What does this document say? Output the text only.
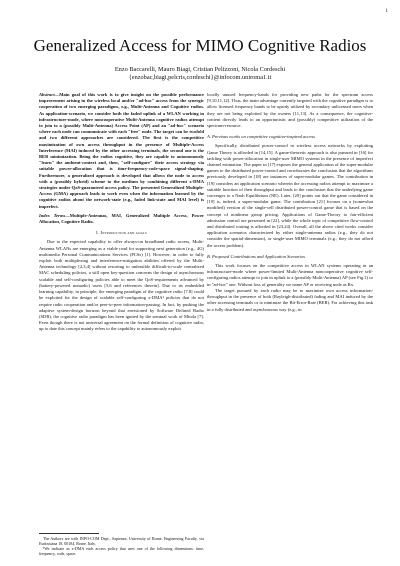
1
Generalized Access for MIMO Cognitive Radios
Enzo Baccarelli, Mauro Biagi, Cristian Pelizzoni, Nicola Cordeschi
{enzobac,biagi,pelcris,cordeschi}@infocom.uniroma1.it

Abstract—Main goal of this work is to give insight on the possible performance improvement arising in the wireless local and/or "ad-hoc" access from the synergic cooperation of two emerging paradigms, e.g., Multi-Antenna and Cognitive radios. As application-scenario, we consider both the faded uplink of a WLAN working in infrastructure-mode, where noncooperative Multi-Antenna cognitive radios attempt to join to a (possibly Multi-Antenna) Access Point (AP) and an "ad-hoc" scenario where each node can communicate with each "free" node. The target can be twofold and two different approaches are considered. The first is the competitive maximization of own access throughput in the presence of Multiple-Access Interference (MAI) induced by the other accessing terminals, the second one is the BER minimization. Being the radios cognitive, they are capable to autonomously "learn" the ambient-context and, then, "self-configure" their access strategy via suitable power-allocation that is time-frequency-code-space signal-shaping. Furthermore, a generalized approach is developed that allows the node to access with a (possibly hybrid) scheme to the medium by combining different x-DMA strategies under QoS-guaranteed access policy. The presented Generalized Multiple-Access (GMA) approach leads to work even when the information learned by the cognitive radios about the network-state (e.g., faded link-state and MAI level) is imperfect.

Index Terms—Multiple-Antennas, MAI, Generalized Multiple Access, Power Allocation, Cognitive Radio.

I. Introduction and goals

Due to the expected capability to offer always-on broadband radio access, Multi-Antenna WLANs are emerging as a viable road for supporting next generation (e.g., 4G) multimedia Personal Communications Services (PCSs) [1]. However, in order to fully exploit both multiplexing and interference-mitigation abilities offered by the Multi-Antenna technology [2,3,4] without resorting to unfeasible difficult-to-scale centralized MAC scheduling policies, a still open key-question concerns the design of asynchronous scalable and self-configuring policies able to meet the QoS-requirements advanced by (battery-powered nomadic) users [5,6 and references therein]. Due to its embedded learning capability, in principle, the emerging paradigm of the cognitive radio [7,8] could be exploited for the design of scalable self-configuring x-DMA¹ policies that do not require radio cooperation and/or peer-to-peer information-passing. In fact, by pushing the adaptive system-design horizon beyond that envisioned by Software Defined Radio (SDR), the cognitive radio paradigm has been ignited by the seminal work of Mitola [7]. Even though there is not universal agreement on the formal definition of cognitive radio, up to date this concept mainly refers to the capability to autonomously exploit

locally unused frequency-bands for providing new paths for the spectrum access [9,10,11,12]. Thus, the main advantage currently targeted with the cognitive paradigm is to allow licensed frequency bands to be upsidy utilized by secondary unlicensed users when they are not being exploited by the owners [11,13]. As a consequence, the cognitive-content directly leads to an opportunistic and (possibly) competitive utilization of the spectrum-resource.

A. Previous works on competitive cognitive-inspired access

Specifically, distributed power-control in wireless access networks by exploiting Game Theory is afforded in [14,15]. A game-theoretic approach is also pursued in [16] for tackling with power-allocation in single-user MIMO systems in the presence of imperfect channel estimation. The paper in [17] exposes the general application of the super-modular games to the distributed power-control and corroborates the conclusion that the algorithms previously developed in [18] are instances of super-modular games. The contribution in [19] considers an application scenario wherein the accessing radios attempt to maximize a suitable function of their throughput and leads to the conclusion that the underlying game converges to a Nash Equilibrium (NE). Later, [20] points out that the game considered in [19] is, indeed, a super-modular game. The contribution [21] focuses on a (somewhat modified) version of the single-cell distributed power-control game that is based on the concept of nonlinear group pricing. Applications of Game-Theory to fair-efficient admission control are presented in [22], while the whole topic of competitive flow-control and distributed routing is afforded in [23,24]. Overall, all the above cited works consider application scenarios characterized by either single-antenna radios (e.g., they do not consider the spatial-dimension), or single-user MIMO terminals (e.g., they do not afford the access problem).

B. Proposed Contributions and Application Scenarios

This work focuses on the competitive access in WLAN systems operating in an infrastructure-mode where power-limited Multi-Antenna noncooperative cognitive self-configuring radios attempt to join in uplink to a (possibly Multi-Antenna) AP (see Fig.1) or in "ad-hoc" one. Without loss of generality we name AP or receiving node as Rx.

The target pursued by each radio may be to maximize own access information-throughput in the presence of both (Rayleigh-distributed) fading and MAI induced by the other accessing terminals or to minimize the Bit-Error-Rate (BER). For achieving this task in a fully distributed and asynchronous way (e.g., in

The Authors are with INFO-COM Dept., Sapienza, University of Rome, Engineering Faculty, via Eudossiana 18, 00184, Rome, Italy.

¹We indicate as x-DMA each access policy that uses one of the following dimensions: time, frequency, code, space.
